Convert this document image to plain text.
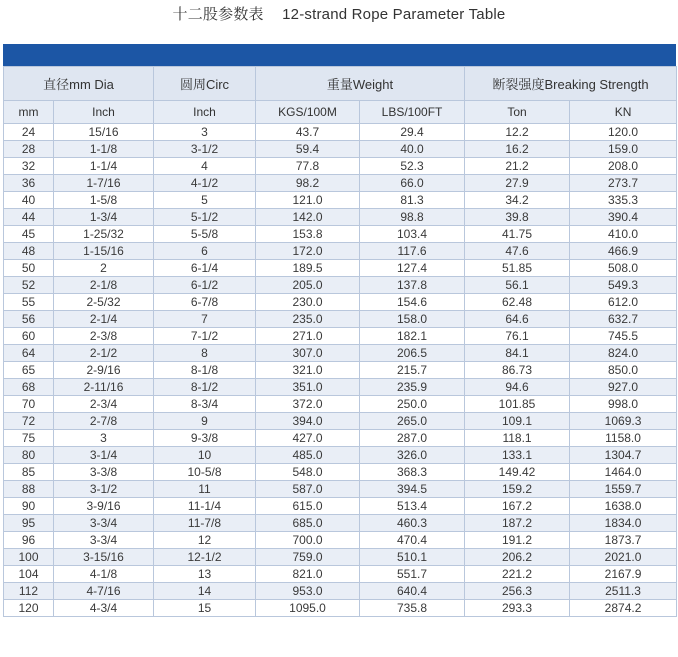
十二股参数表 12-strand Rope Parameter Table
直径mm Dia		圆周Circ	重量Weight		断裂强度Breaking Strength	
mm	Inch	Inch	KGS/100M	LBS/100FT	Ton	KN
24	15/16	3	43.7	29.4	12.2	120.0
28	1-1/8	3-1/2	59.4	40.0	16.2	159.0
32	1-1/4	4	77.8	52.3	21.2	208.0
36	1-7/16	4-1/2	98.2	66.0	27.9	273.7
40	1-5/8	5	121.0	81.3	34.2	335.3
44	1-3/4	5-1/2	142.0	98.8	39.8	390.4
45	1-25/32	5-5/8	153.8	103.4	41.75	410.0
48	1-15/16	6	172.0	117.6	47.6	466.9
50	2	6-1/4	189.5	127.4	51.85	508.0
52	2-1/8	6-1/2	205.0	137.8	56.1	549.3
55	2-5/32	6-7/8	230.0	154.6	62.48	612.0
56	2-1/4	7	235.0	158.0	64.6	632.7
60	2-3/8	7-1/2	271.0	182.1	76.1	745.5
64	2-1/2	8	307.0	206.5	84.1	824.0
65	2-9/16	8-1/8	321.0	215.7	86.73	850.0
68	2-11/16	8-1/2	351.0	235.9	94.6	927.0
70	2-3/4	8-3/4	372.0	250.0	101.85	998.0
72	2-7/8	9	394.0	265.0	109.1	1069.3
75	3	9-3/8	427.0	287.0	118.1	1158.0
80	3-1/4	10	485.0	326.0	133.1	1304.7
85	3-3/8	10-5/8	548.0	368.3	149.42	1464.0
88	3-1/2	11	587.0	394.5	159.2	1559.7
90	3-9/16	11-1/4	615.0	513.4	167.2	1638.0
95	3-3/4	11-7/8	685.0	460.3	187.2	1834.0
96	3-3/4	12	700.0	470.4	191.2	1873.7
100	3-15/16	12-1/2	759.0	510.1	206.2	2021.0
104	4-1/8	13	821.0	551.7	221.2	2167.9
112	4-7/16	14	953.0	640.4	256.3	2511.3
120	4-3/4	15	1095.0	735.8	293.3	2874.2
